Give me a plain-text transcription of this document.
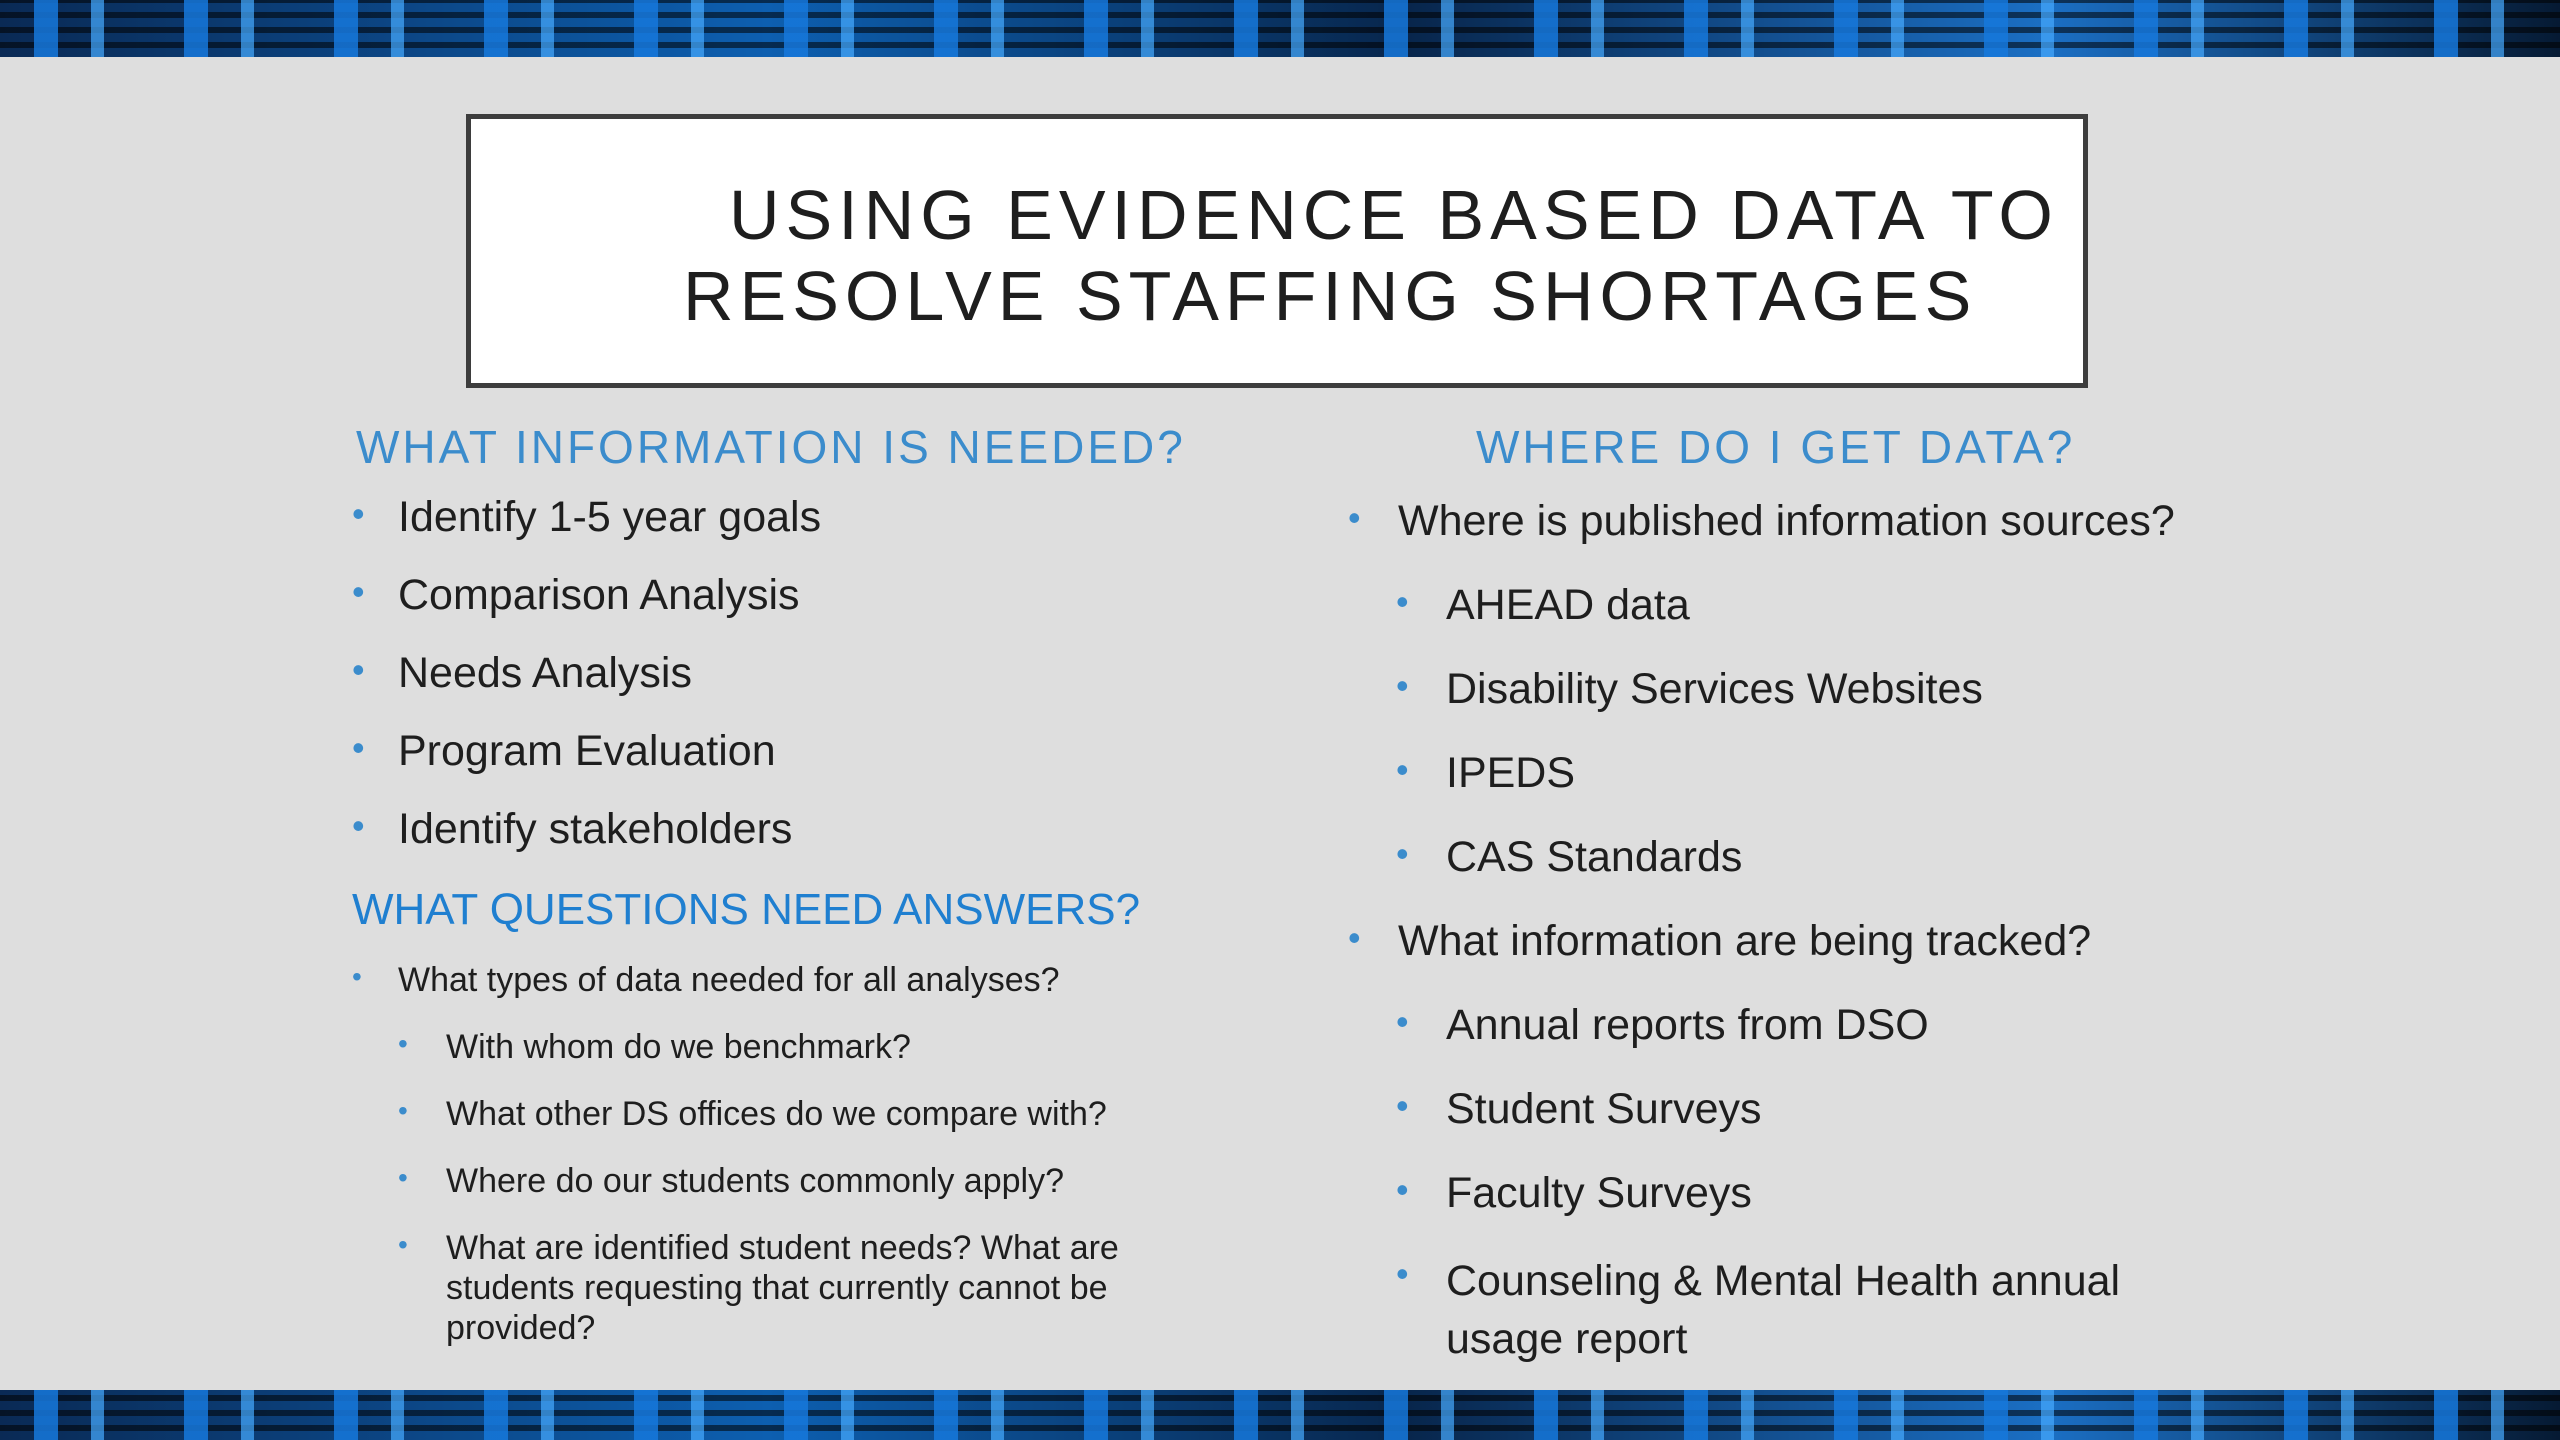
USING EVIDENCE BASED DATA TO
RESOLVE STAFFING SHORTAGES
WHAT INFORMATION IS NEEDED?
• Identify 1-5 year goals
• Comparison Analysis
• Needs Analysis
• Program Evaluation
• Identify stakeholders
WHAT QUESTIONS NEED ANSWERS?
• What types of data needed for all analyses?
• With whom do we benchmark?
• What other DS offices do we compare with?
• Where do our students commonly apply?
• What are identified student needs? What are students requesting that currently cannot be provided?
WHERE DO I GET DATA?
• Where is published information sources?
• AHEAD data
• Disability Services Websites
• IPEDS
• CAS Standards
• What information are being tracked?
• Annual reports from DSO
• Student Surveys
• Faculty Surveys
• Counseling & Mental Health annual usage report
